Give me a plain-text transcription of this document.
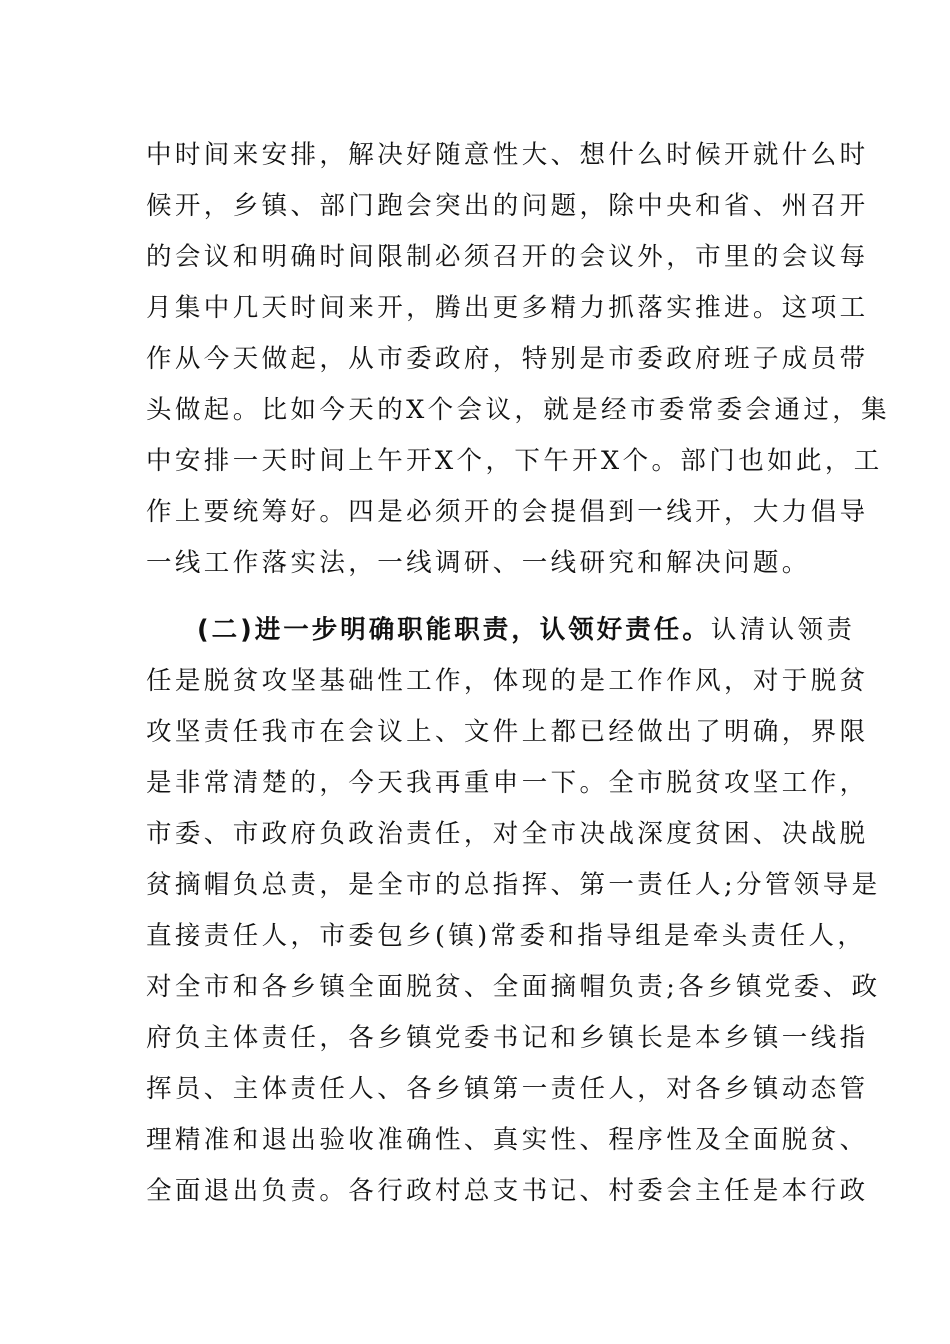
中时间来安排，解决好随意性大、想什么时候开就什么时
候开，乡镇、部门跑会突出的问题，除中央和省、州召开
的会议和明确时间限制必须召开的会议外，市里的会议每
月集中几天时间来开，腾出更多精力抓落实推进。这项工
作从今天做起，从市委政府，特别是市委政府班子成员带
头做起。比如今天的X个会议，就是经市委常委会通过，集
中安排一天时间上午开X个，下午开X个。部门也如此，工
作上要统筹好。四是必须开的会提倡到一线开，大力倡导
一线工作落实法，一线调研、一线研究和解决问题。
(二)进一步明确职能职责，认领好责任。认清认领责
任是脱贫攻坚基础性工作，体现的是工作作风，对于脱贫
攻坚责任我市在会议上、文件上都已经做出了明确，界限
是非常清楚的，今天我再重申一下。全市脱贫攻坚工作，
市委、市政府负政治责任，对全市决战深度贫困、决战脱
贫摘帽负总责，是全市的总指挥、第一责任人;分管领导是
直接责任人，市委包乡(镇)常委和指导组是牵头责任人，
对全市和各乡镇全面脱贫、全面摘帽负责;各乡镇党委、政
府负主体责任，各乡镇党委书记和乡镇长是本乡镇一线指
挥员、主体责任人、各乡镇第一责任人，对各乡镇动态管
理精准和退出验收准确性、真实性、程序性及全面脱贫、
全面退出负责。各行政村总支书记、村委会主任是本行政
